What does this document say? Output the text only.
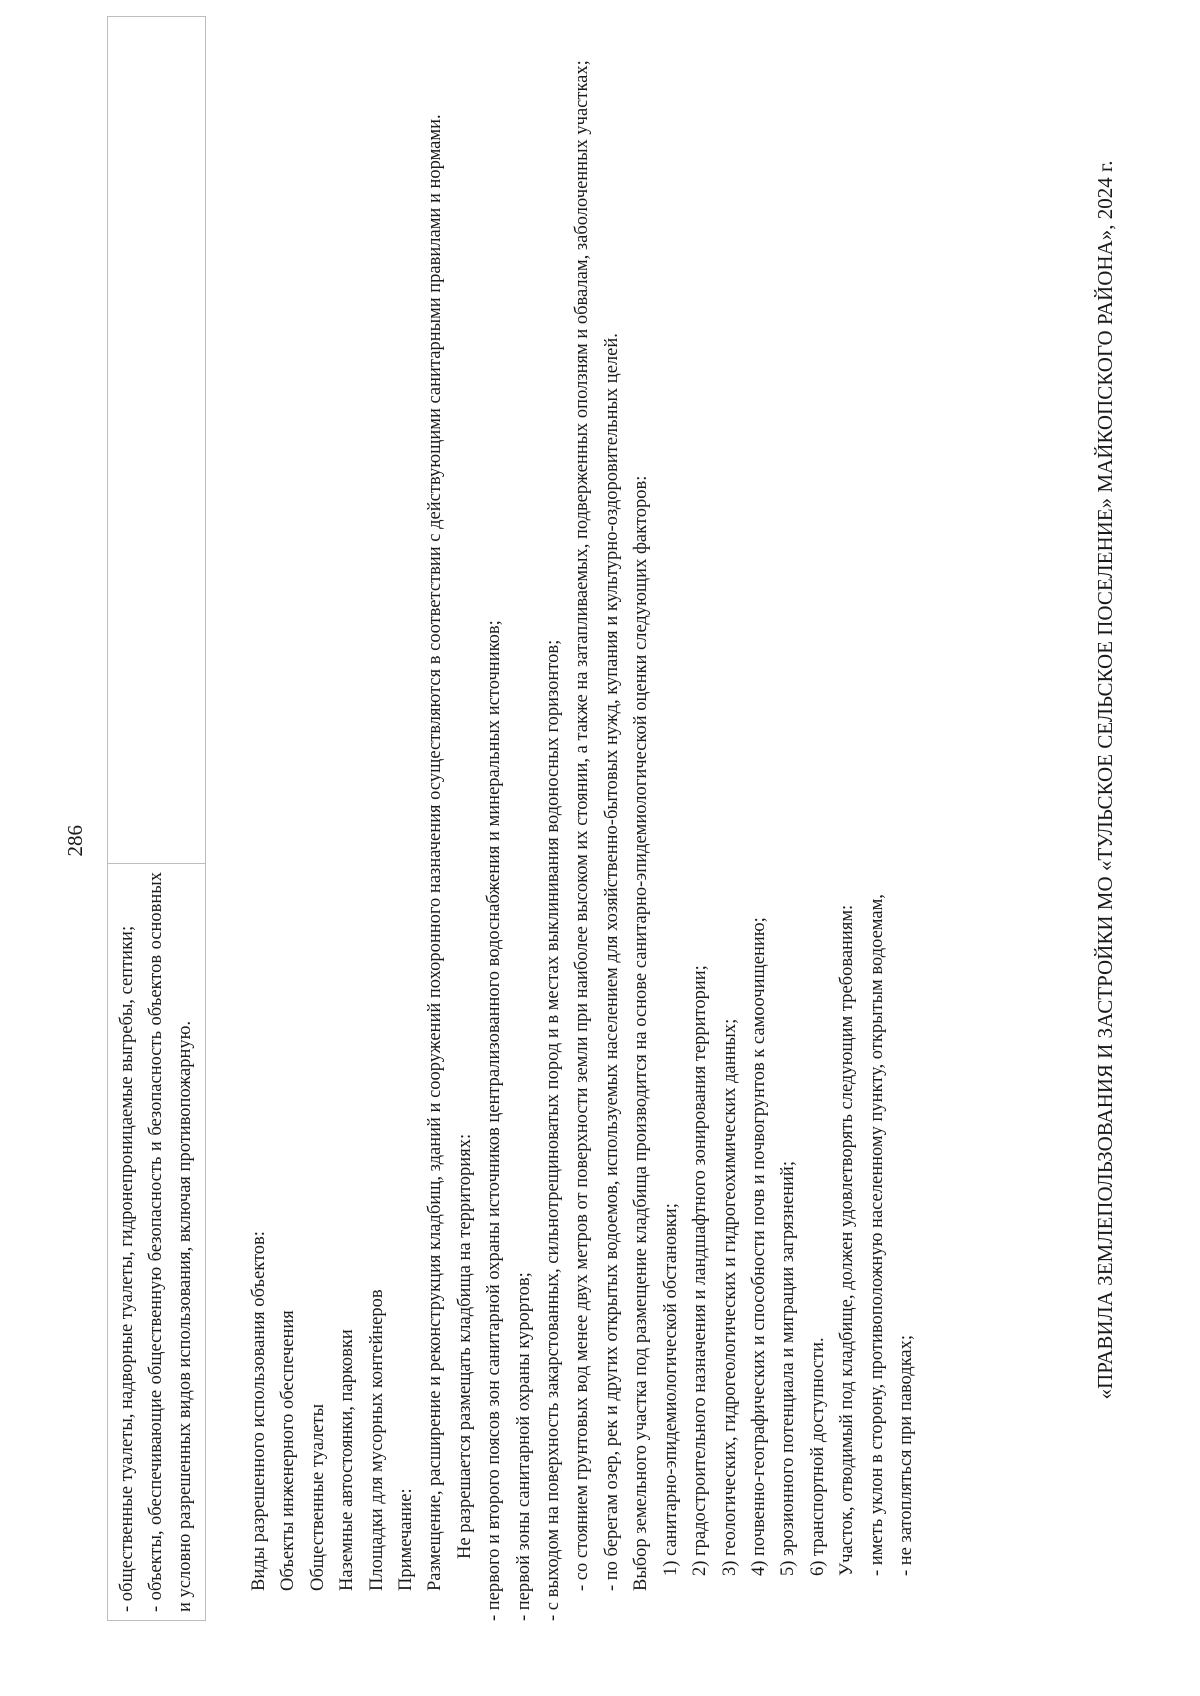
286	«ПРАВИЛА ЗЕМЛЕПОЛЬЗОВАНИЯ И ЗАСТРОЙКИ МО «ТУЛЬСКОЕ СЕЛЬСКОЕ ПОСЕЛЕНИЕ» МАЙКОПСКОГО РАЙОНА», 2024 г.
- общественные туалеты, надворные туалеты, гидронепроницаемые выгребы, септики; - объекты, обеспечивающие общественную безопасность и безопасность объектов основных и условно разрешенных видов использования, включая противопожарную.
		Виды разрешенного использования объектов: Объекты инженерного обеспечения Общественные туалеты Наземные автостоянки, парковки Площадки для мусорных контейнеров Примечание: Размещение, расширение и реконструкция кладбищ, зданий и сооружений похоронного назначения осуществляются в соответствии с действующими санитарными правилами и нормами. Не разрешается размещать кладбища на территориях: - первого и второго поясов зон санитарной охраны источников централизованного водоснабжения и минеральных источников; - первой зоны санитарной охраны курортов; - с выходом на поверхность закарстованных, сильнотрещиноватых пород и в местах выклинивания водоносных горизонтов; - со стоянием грунтовых вод менее двух метров от поверхности земли при наиболее высоком их стоянии, а также на затапливаемых, подверженных оползням и обвалам, заболоченных участках; - по берегам озер, рек и других открытых водоемов, используемых населением для хозяйственно-бытовых нужд, купания и культурно-оздоровительных целей. Выбор земельного участка под размещение кладбища производится на основе санитарно-эпидемиологической оценки следующих факторов: 1) санитарно-эпидемиологической обстановки; 2) градостроительного назначения и ландшафтного зонирования территории; 3) геологических, гидрогеологических и гидрогеохимических данных; 4) почвенно-географических и способности почв и почвогрунтов к самоочищению; 5) эрозионного потенциала и миграции загрязнений; 6) транспортной доступности. Участок, отводимый под кладбище, должен удовлетворять следующим требованиям: - иметь уклон в сторону, противоположную населенному пункту, открытым водоемам, - не затопляться при паводках;
